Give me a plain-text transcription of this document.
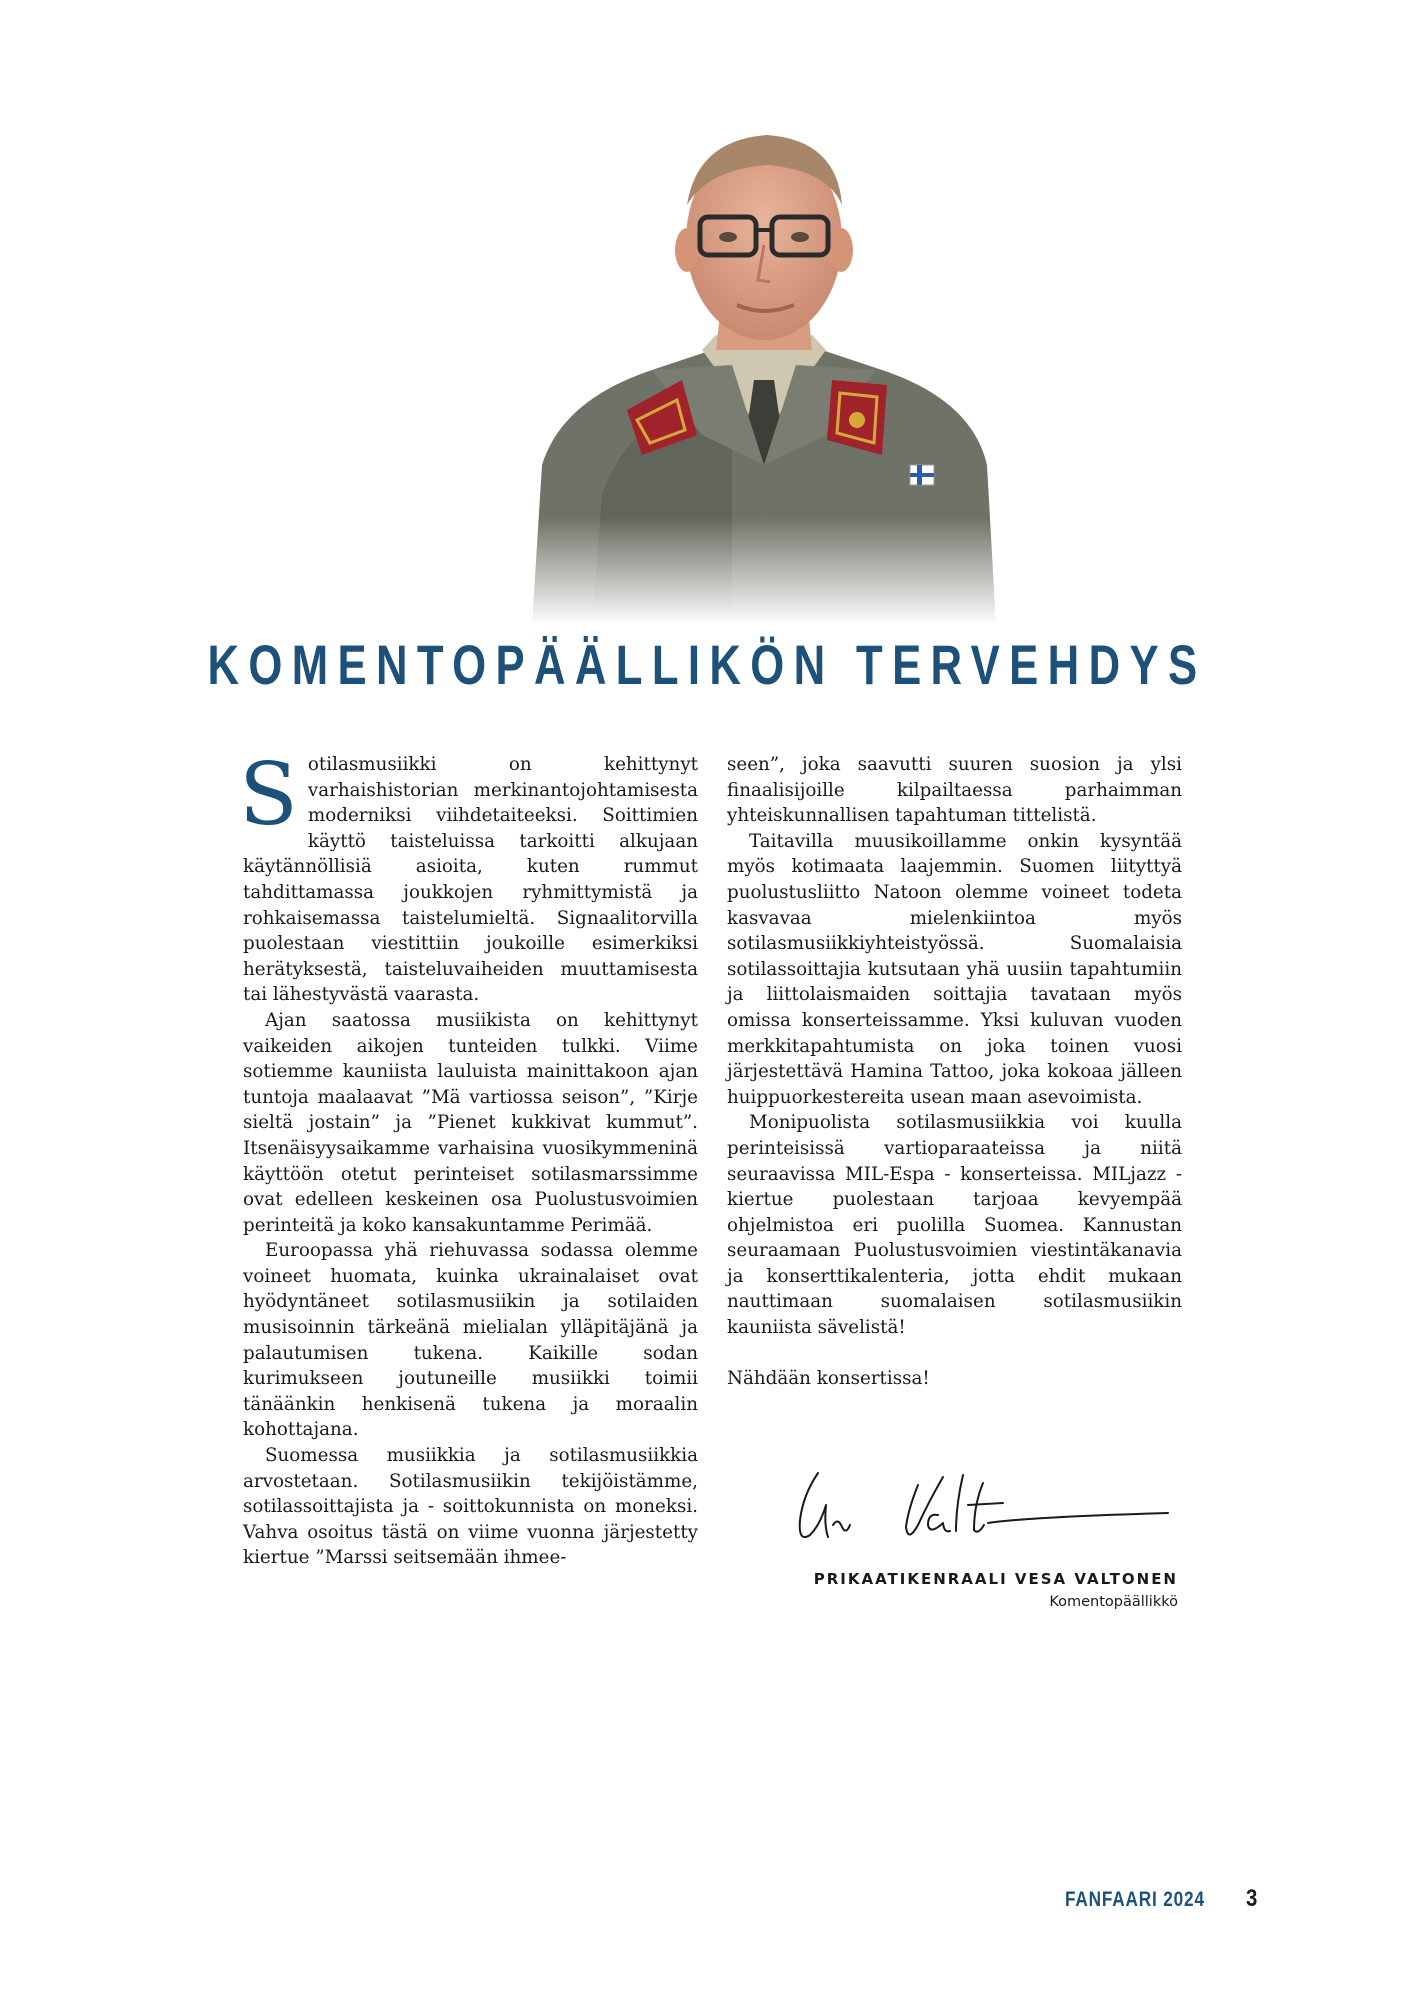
KOMENTOPÄÄLLIKÖN TERVEHDYS

Sotilasmusiikki on kehittynyt varhaishistorian merkinantojohtamisesta moderniksi viihdetaiteeksi. Soittimien käyttö taisteluissa tarkoitti alkujaan käytännöllisiä asioita, kuten rummut tahdittamassa joukkojen ryhmittymistä ja rohkaisemassa taistelumieltä. Signaalitorvilla puolestaan viestittiin joukoille esimerkiksi herätyksestä, taisteluvaiheiden muuttamisesta tai lähestyvästä vaarasta.

Ajan saatossa musiikista on kehittynyt vaikeiden aikojen tunteiden tulkki. Viime sotiemme kauniista lauluista mainittakoon ajan tuntoja maalaavat ”Mä vartiossa seison”, ”Kirje sieltä jostain” ja ”Pienet kukkivat kummut”. Itsenäisyysaikamme varhaisina vuosikymmeninä käyttöön otetut perinteiset sotilasmarssimme ovat edelleen keskeinen osa Puolustusvoimien perinteitä ja koko kansakuntamme Perimää.

Euroopassa yhä riehuvassa sodassa olemme voineet huomata, kuinka ukrainalaiset ovat hyödyntäneet sotilasmusiikin ja sotilaiden musisoinnin tärkeänä mielialan ylläpitäjänä ja palautumisen tukena. Kaikille sodan kurimukseen joutuneille musiikki toimii tänäänkin henkisenä tukena ja moraalin kohottajana.

Suomessa musiikkia ja sotilasmusiikkia arvostetaan. Sotilasmusiikin tekijöistämme, sotilassoittajista ja - soittokunnista on moneksi. Vahva osoitus tästä on viime vuonna järjestetty kiertue ”Marssi seitsemään ihmee-

seen”, joka saavutti suuren suosion ja ylsi finaalisijoille kilpailtaessa parhaimman yhteiskunnallisen tapahtuman tittelistä.

Taitavilla muusikoillamme onkin kysyntää myös kotimaata laajemmin. Suomen liityttyä puolustusliitto Natoon olemme voineet todeta kasvavaa mielenkiintoa myös sotilasmusiikkiyhteistyössä. Suomalaisia sotilassoittajia kutsutaan yhä uusiin tapahtumiin ja liittolaismaiden soittajia tavataan myös omissa konserteissamme. Yksi kuluvan vuoden merkkitapahtumista on joka toinen vuosi järjestettävä Hamina Tattoo, joka kokoaa jälleen huippuorkestereita usean maan asevoimista.

Monipuolista sotilasmusiikkia voi kuulla perinteisissä vartioparaateissa ja niitä seuraavissa MIL-Espa - konserteissa. MILjazz -kiertue puolestaan tarjoaa kevyempää ohjelmistoa eri puolilla Suomea. Kannustan seuraamaan Puolustusvoimien viestintäkanavia ja konserttikalenteria, jotta ehdit mukaan nauttimaan suomalaisen sotilasmusiikin kauniista sävelistä!

Nähdään konsertissa!

PRIKAATIKENRAALI VESA VALTONEN
Komentopäällikkö
FANFAARI 2024 3
